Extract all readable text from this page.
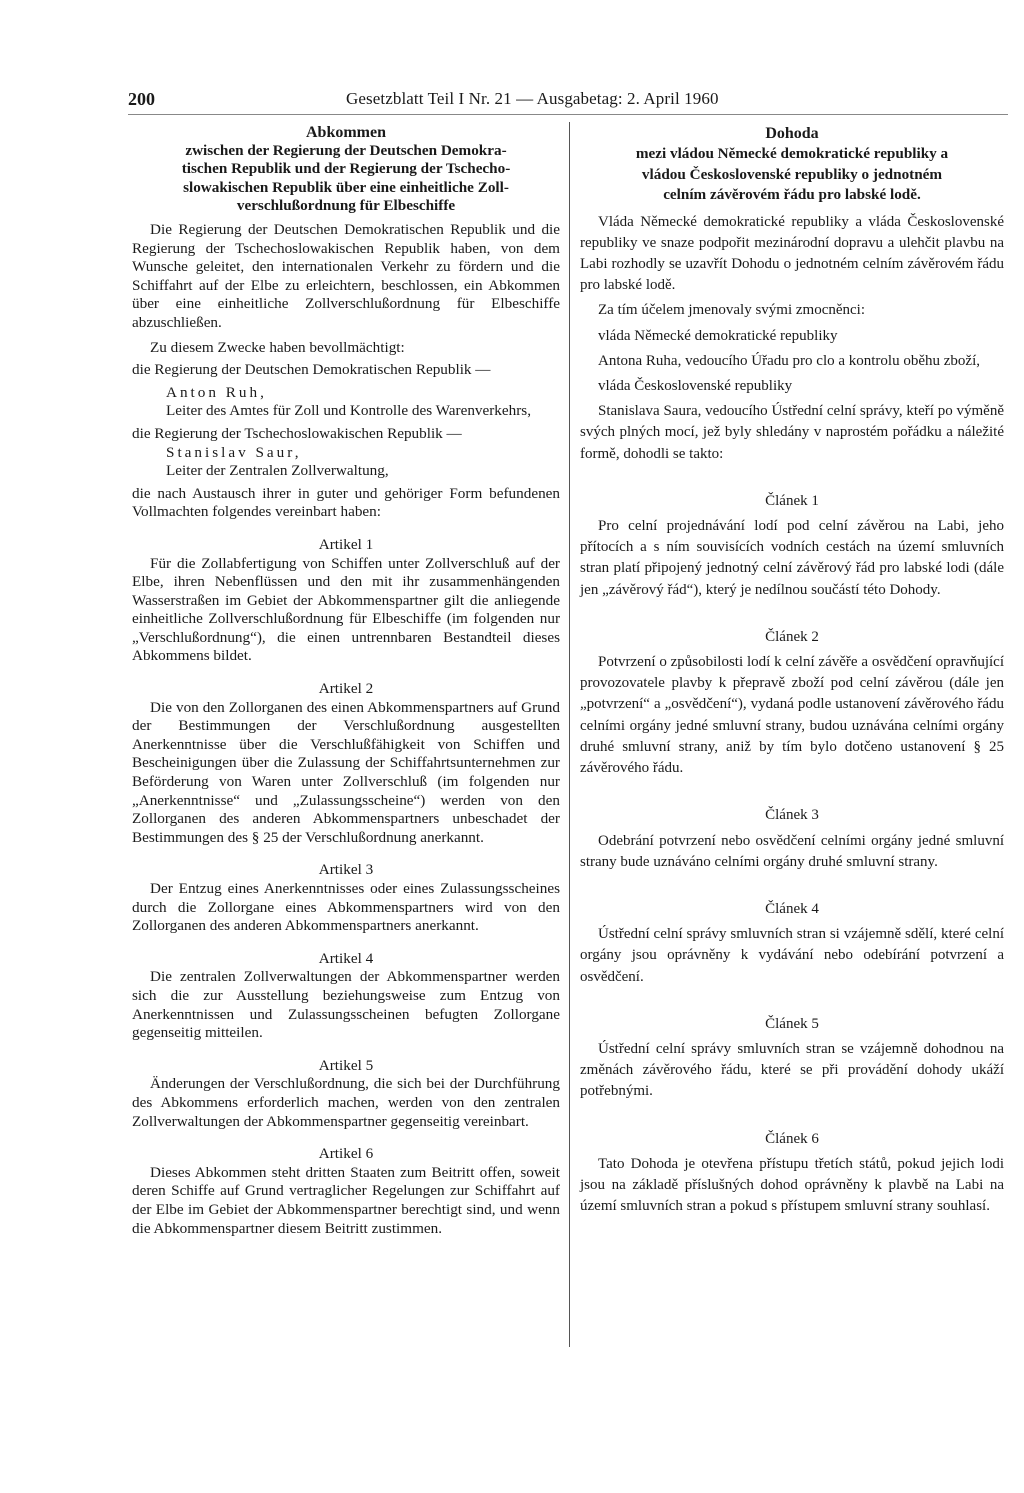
200	Gesetzblatt Teil I Nr. 21 — Ausgabetag: 2. April 1960

Abkommen

zwischen der Regierung der Deutschen Demokra-

tischen Republik und der Regierung der Tschecho-

slowakischen Republik über eine einheitliche Zoll-

verschlußordnung für Elbeschiffe

Die Regierung der Deutschen Demokratischen Republik und die Regierung der Tschechoslowakischen Republik haben, von dem Wunsche geleitet, den internationalen Verkehr zu fördern und die Schiffahrt auf der Elbe zu erleichtern, beschlossen, ein Abkommen über eine einheitliche Zollverschlußordnung für Elbeschiffe abzuschließen.

Zu diesem Zwecke haben bevollmächtigt:

die Regierung der Deutschen Demokratischen Republik —

Anton Ruh,

Leiter des Amtes für Zoll und Kontrolle des Warenverkehrs,

die Regierung der Tschechoslowakischen Republik —

Stanislav Saur,

Leiter der Zentralen Zollverwaltung,

die nach Austausch ihrer in guter und gehöriger Form befundenen Vollmachten folgendes vereinbart haben:

Artikel 1

Für die Zollabfertigung von Schiffen unter Zollverschluß auf der Elbe, ihren Nebenflüssen und den mit ihr zusammenhängenden Wasserstraßen im Gebiet der Abkommenspartner gilt die anliegende einheitliche Zollverschlußordnung für Elbeschiffe (im folgenden nur „Verschlußordnung“), die einen untrennbaren Bestandteil dieses Abkommens bildet.

Artikel 2

Die von den Zollorganen des einen Abkommenspartners auf Grund der Bestimmungen der Verschlußordnung ausgestellten Anerkenntnisse über die Verschlußfähigkeit von Schiffen und Bescheinigungen über die Zulassung der Schiffahrtsunternehmen zur Beförderung von Waren unter Zollverschluß (im folgenden nur „Anerkenntnisse“ und „Zulassungsscheine“) werden von den Zollorganen des anderen Abkommenspartners unbeschadet der Bestimmungen des § 25 der Verschlußordnung anerkannt.

Artikel 3

Der Entzug eines Anerkenntnisses oder eines Zulassungsscheines durch die Zollorgane eines Abkommenspartners wird von den Zollorganen des anderen Abkommenspartners anerkannt.

Artikel 4

Die zentralen Zollverwaltungen der Abkommenspartner werden sich die zur Ausstellung beziehungsweise zum Entzug von Anerkenntnissen und Zulassungsscheinen befugten Zollorgane gegenseitig mitteilen.

Artikel 5

Änderungen der Verschlußordnung, die sich bei der Durchführung des Abkommens erforderlich machen, werden von den zentralen Zollverwaltungen der Abkommenspartner gegenseitig vereinbart.

Artikel 6

Dieses Abkommen steht dritten Staaten zum Beitritt offen, soweit deren Schiffe auf Grund vertraglicher Regelungen zur Schiffahrt auf der Elbe im Gebiet der Abkommenspartner berechtigt sind, und wenn die Abkommenspartner diesem Beitritt zustimmen.

Dohoda

mezi vládou Německé demokratické republiky a

vládou Československé republiky o jednotném

celním závěrovém řádu pro labské lodě.

Vláda Německé demokratické republiky a vláda Československé republiky ve snaze podpořit mezinárodní dopravu a ulehčit plavbu na Labi rozhodly se uzavřít Dohodu o jednotném celním závěrovém řádu pro labské lodě.

Za tím účelem jmenovaly svými zmocněnci:

vláda Německé demokratické republiky

Antona Ruha, vedoucího Úřadu pro clo a kontrolu oběhu zboží,

vláda Československé republiky

Stanislava Saura, vedoucího Ústřední celní správy, kteří po výměně svých plných mocí, jež byly shledány v naprostém pořádku a náležité formě, dohodli se takto:

Článek 1

Pro celní projednávání lodí pod celní závěrou na Labi, jeho přítocích a s ním souvisících vodních cestách na území smluvních stran platí připojený jednotný celní závěrový řád pro labské lodi (dále jen „závěrový řád“), který je nedílnou součástí této Dohody.

Článek 2

Potvrzení o způsobilosti lodí k celní závěře a osvědčení opravňující provozovatele plavby k přepravě zboží pod celní závěrou (dále jen „potvrzení“ a „osvědčení“), vydaná podle ustanovení závěrového řádu celními orgány jedné smluvní strany, budou uznávána celními orgány druhé smluvní strany, aniž by tím bylo dotčeno ustanovení § 25 závěrového řádu.

Článek 3

Odebrání potvrzení nebo osvědčení celními orgány jedné smluvní strany bude uznáváno celními orgány druhé smluvní strany.

Článek 4

Ústřední celní správy smluvních stran si vzájemně sdělí, které celní orgány jsou oprávněny k vydávání nebo odebírání potvrzení a osvědčení.

Článek 5

Ústřední celní správy smluvních stran se vzájemně dohodnou na změnách závěrového řádu, které se při provádění dohody ukáží potřebnými.

Článek 6

Tato Dohoda je otevřena přístupu třetích států, pokud jejich lodi jsou na základě příslušných dohod oprávněny k plavbě na Labi na území smluvních stran a pokud s přístupem smluvní strany souhlasí.
